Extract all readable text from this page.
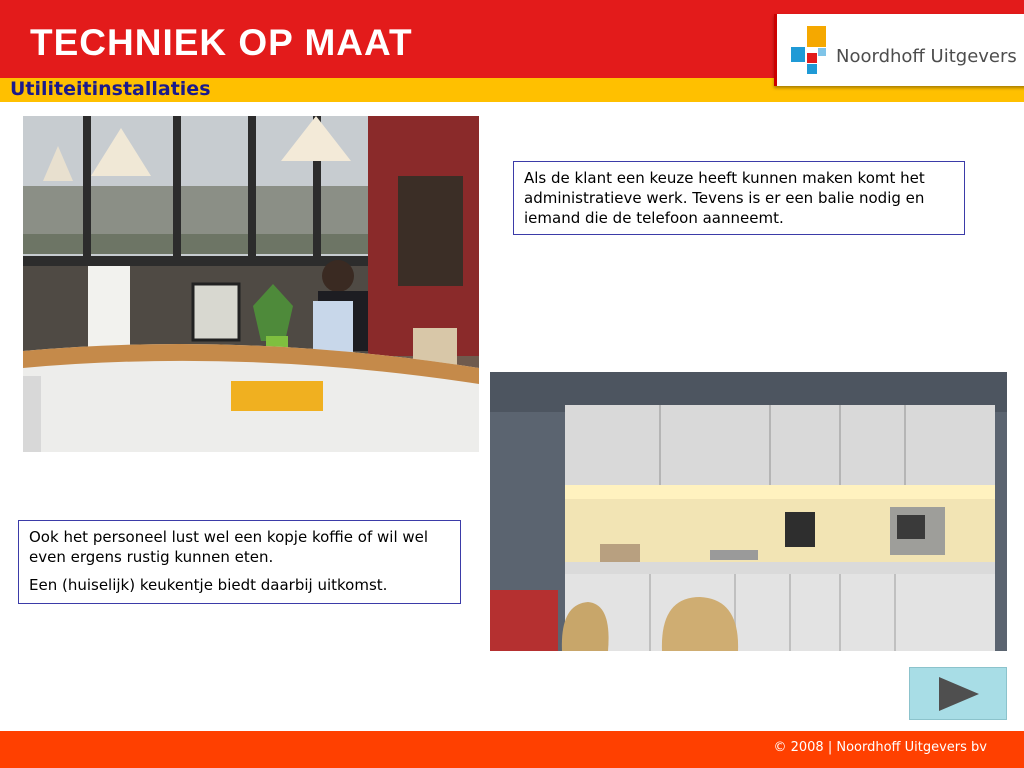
TECHNIEK OP MAAT
Utiliteitinstallaties
Noordhoff Uitgevers

Als de klant een keuze heeft kunnen maken komt het administratieve werk. Tevens is er een balie nodig en iemand die de telefoon aanneemt.

Ook het personeel lust wel een kopje koffie of wil wel even ergens rustig kunnen eten.

Een (huiselijk) keukentje biedt daarbij uitkomst.

© 2008 | Noordhoff Uitgevers bv
